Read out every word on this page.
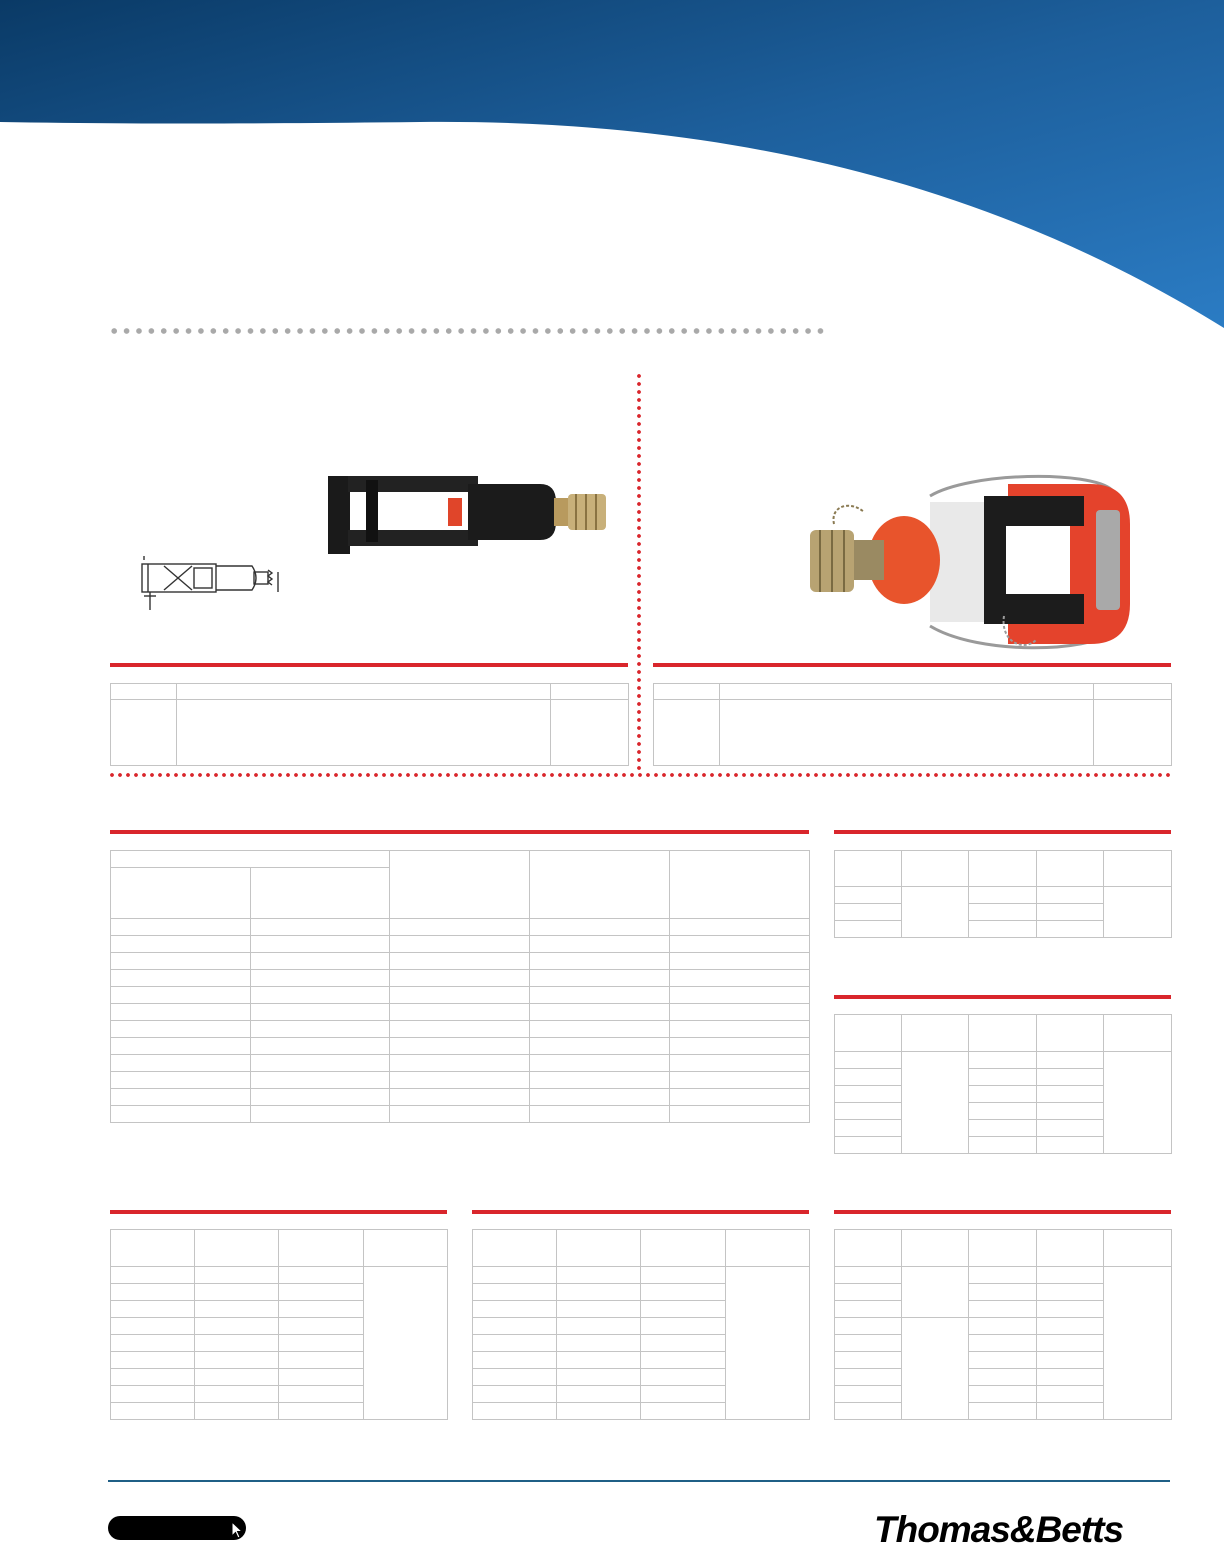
Thomas&Betts
